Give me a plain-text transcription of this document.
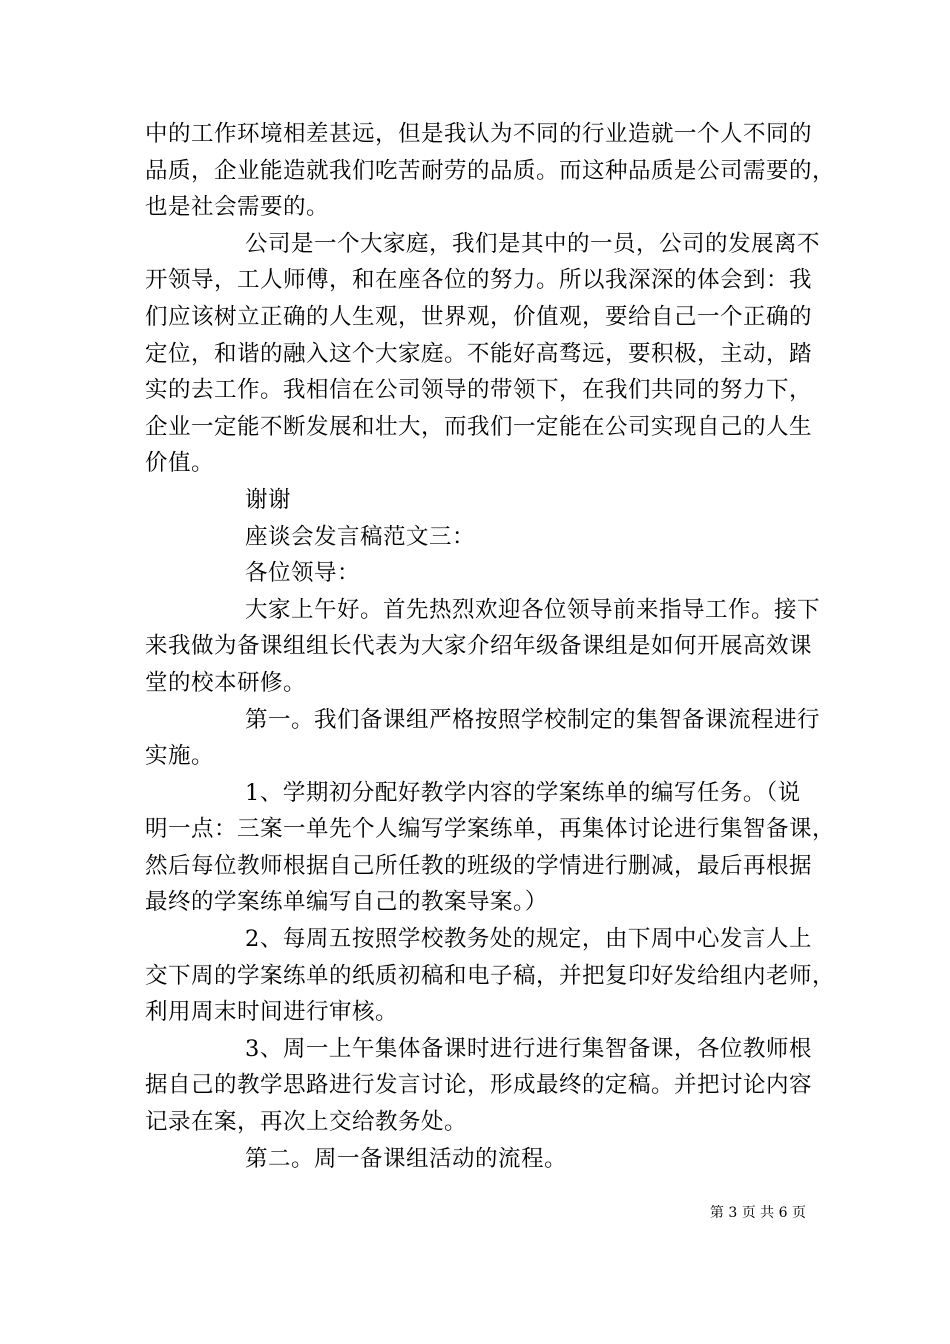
中的工作环境相差甚远，但是我认为不同的行业造就一个人不同的
品质，企业能造就我们吃苦耐劳的品质。而这种品质是公司需要的，
也是社会需要的。

公司是一个大家庭，我们是其中的一员，公司的发展离不
开领导，工人师傅，和在座各位的努力。所以我深深的体会到：我
们应该树立正确的人生观，世界观，价值观，要给自己一个正确的
定位，和谐的融入这个大家庭。不能好高骛远，要积极，主动，踏
实的去工作。我相信在公司领导的带领下，在我们共同的努力下，
企业一定能不断发展和壮大，而我们一定能在公司实现自己的人生
价值。

谢谢

座谈会发言稿范文三：

各位领导：

大家上午好。首先热烈欢迎各位领导前来指导工作。接下
来我做为备课组组长代表为大家介绍年级备课组是如何开展高效课
堂的校本研修。

第一。我们备课组严格按照学校制定的集智备课流程进行
实施。

1、学期初分配好教学内容的学案练单的编写任务。（说
明一点：三案一单先个人编写学案练单，再集体讨论进行集智备课，
然后每位教师根据自己所任教的班级的学情进行删减，最后再根据
最终的学案练单编写自己的教案导案。）

2、每周五按照学校教务处的规定，由下周中心发言人上
交下周的学案练单的纸质初稿和电子稿，并把复印好发给组内老师，
利用周末时间进行审核。

3、周一上午集体备课时进行进行集智备课，各位教师根
据自己的教学思路进行发言讨论，形成最终的定稿。并把讨论内容
记录在案，再次上交给教务处。

第二。周一备课组活动的流程。

第 3 页 共 6 页
